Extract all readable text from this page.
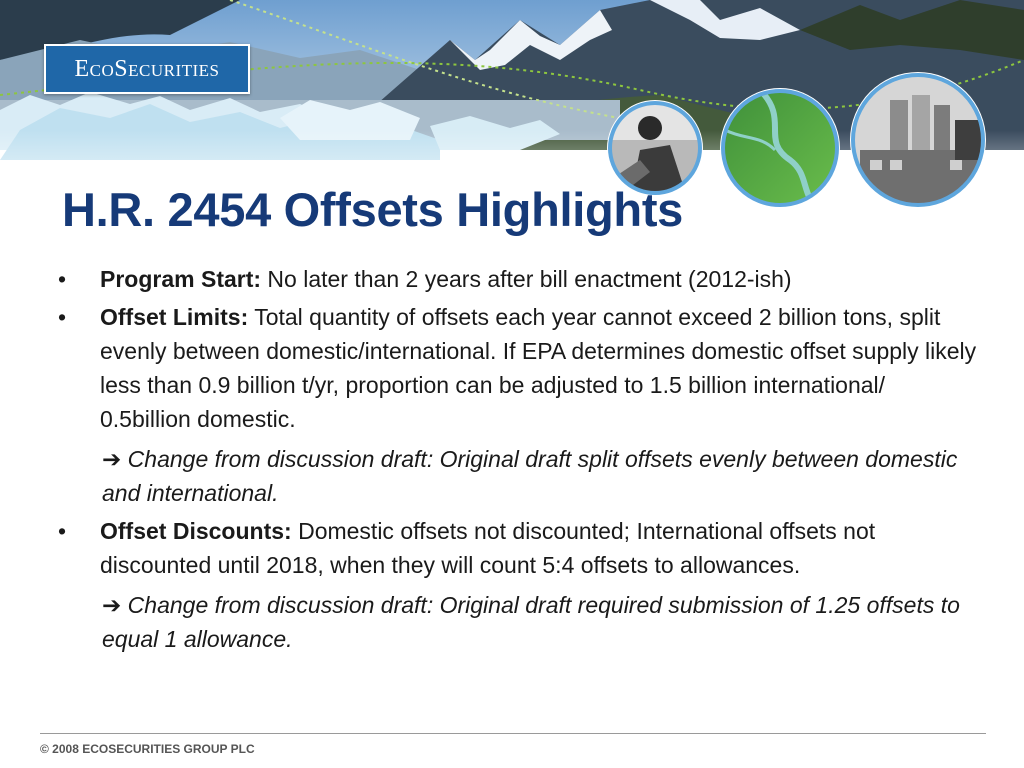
EcoSecurities
H.R. 2454 Offsets Highlights
• Program Start: No later than 2 years after bill enactment (2012-ish)
• Offset Limits: Total quantity of offsets each year cannot exceed 2 billion tons, split evenly between domestic/international. If EPA determines domestic offset supply likely less than 0.9 billion t/yr, proportion can be adjusted to 1.5 billion international/ 0.5billion domestic.
➔ Change from discussion draft: Original draft split offsets evenly between domestic and international.
• Offset Discounts: Domestic offsets not discounted; International offsets not discounted until 2018, when they will count 5:4 offsets to allowances.
➔ Change from discussion draft: Original draft required submission of 1.25 offsets to equal 1 allowance.
© 2008 ECOSECURITIES GROUP PLC
